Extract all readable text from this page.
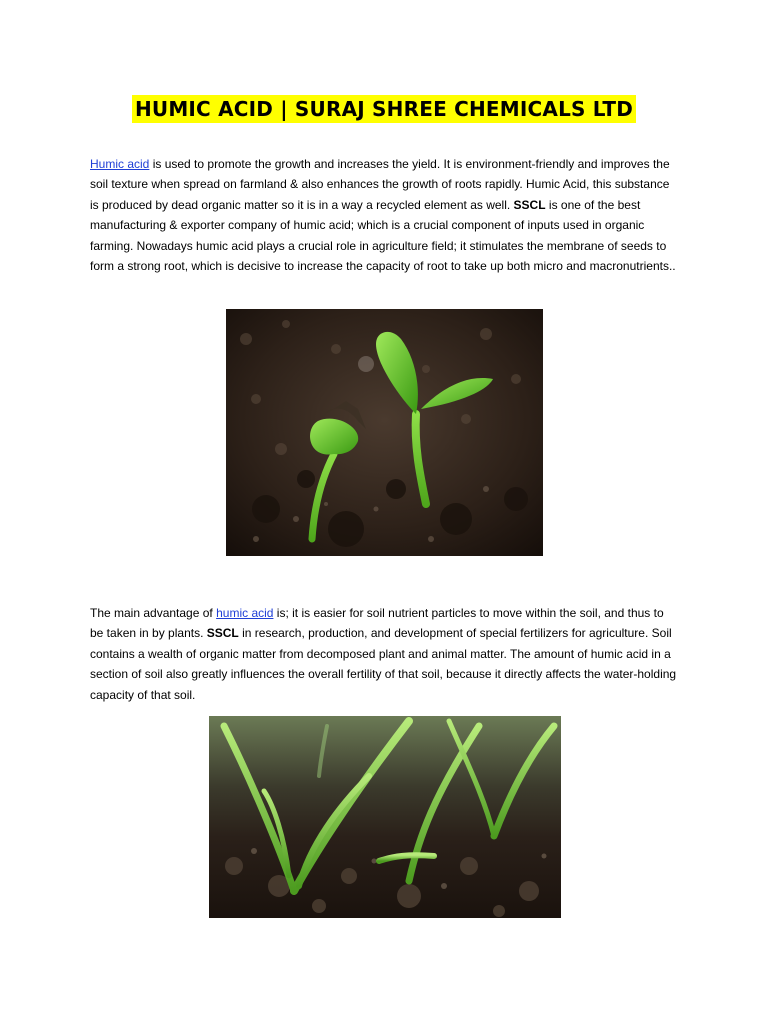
HUMIC ACID | SURAJ SHREE CHEMICALS LTD

Humic acid is used to promote the growth and increases the yield. It is environment-friendly and improves the soil texture when spread on farmland & also enhances the growth of roots rapidly. Humic Acid, this substance is produced by dead organic matter so it is in a way a recycled element as well. SSCL is one of the best manufacturing & exporter company of humic acid; which is a crucial component of inputs used in organic farming. Nowadays humic acid plays a crucial role in agriculture field; it stimulates the membrane of seeds to form a strong root, which is decisive to increase the capacity of root to take up both micro and macronutrients..

The main advantage of humic acid is; it is easier for soil nutrient particles to move within the soil, and thus to be taken in by plants. SSCL in research, production, and development of special fertilizers for agriculture. Soil contains a wealth of organic matter from decomposed plant and animal matter. The amount of humic acid in a section of soil also greatly influences the overall fertility of that soil, because it directly affects the water-holding capacity of that soil.
